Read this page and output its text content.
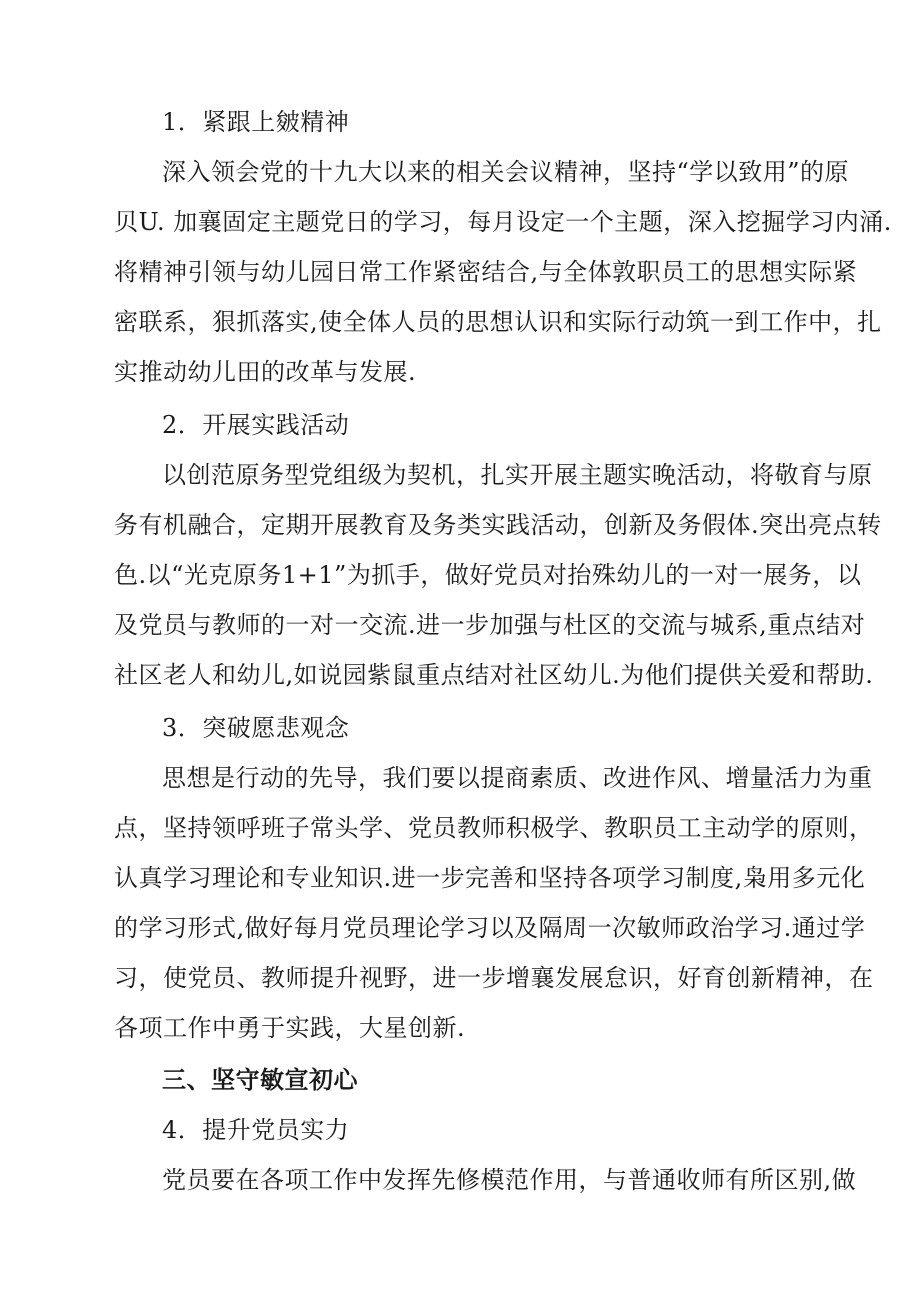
1．紧跟上皴精神
深入领会党的十九大以来的相关会议精神，坚持“学以致用”的原
贝U. 加襄固定主题党日的学习，每月设定一个主题，深入挖掘学习内涌.
将精神引领与幼儿园日常工作紧密结合,与全体敦职员工的思想实际紧
密联系，狠抓落实,使全体人员的思想认识和实际行动筑一到工作中，扎
实推动幼儿田的改革与发展.
2．开展实践活动
以创范原务型党组级为契机，扎实开展主题实晚活动，将敬育与原
务有机融合，定期开展教育及务类实践活动，创新及务假体.突出亮点转
色.以“光克原务1+1”为抓手，做好党员对抬殊幼儿的一对一展务，以
及党员与教师的一对一交流.进一步加强与杜区的交流与城系,重点结对
社区老人和幼儿,如说园紫鼠重点结对社区幼儿.为他们提供关爱和帮助.
3．突破愿悲观念
思想是行动的先导，我们要以提商素质、改进作风、增量活力为重
点，坚持领呼班子常头学、党员教师积极学、教职员工主动学的原则，
认真学习理论和专业知识.进一步完善和坚持各项学习制度,枭用多元化
的学习形式,做好每月党员理论学习以及隔周一次敏师政治学习.通过学
习，使党员、教师提升视野，进一步增襄发展怠识，好育创新精神，在
各项工作中勇于实践，大星创新.
三、坚守敏宣初心
4．提升党员实力
党员要在各项工作中发挥先修模范作用，与普通收师有所区别,做
